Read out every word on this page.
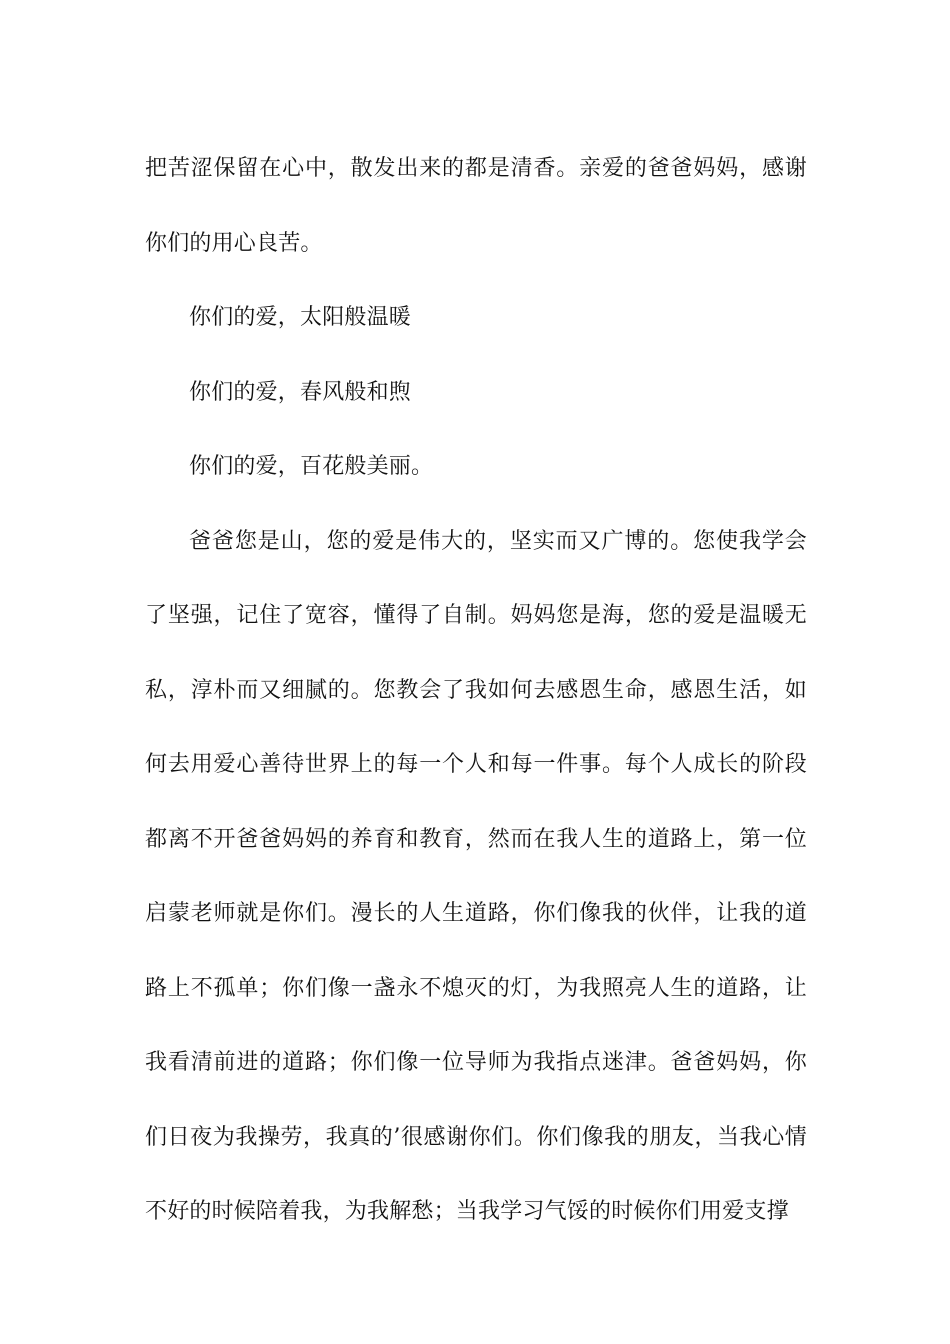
把苦涩保留在心中，散发出来的都是清香。亲爱的爸爸妈妈，感谢你们的用心良苦。

你们的爱，太阳般温暖

你们的爱，春风般和煦

你们的爱，百花般美丽。

爸爸您是山，您的爱是伟大的，坚实而又广博的。您使我学会了坚强，记住了宽容，懂得了自制。妈妈您是海，您的爱是温暖无私，淳朴而又细腻的。您教会了我如何去感恩生命，感恩生活，如何去用爱心善待世界上的每一个人和每一件事。每个人成长的阶段都离不开爸爸妈妈的养育和教育，然而在我人生的道路上，第一位启蒙老师就是你们。漫长的人生道路，你们像我的伙伴，让我的道路上不孤单；你们像一盏永不熄灭的灯，为我照亮人生的道路，让我看清前进的道路；你们像一位导师为我指点迷津。爸爸妈妈，你们日夜为我操劳，我真的’很感谢你们。你们像我的朋友，当我心情不好的时候陪着我，为我解愁；当我学习气馁的时候你们用爱支撑
